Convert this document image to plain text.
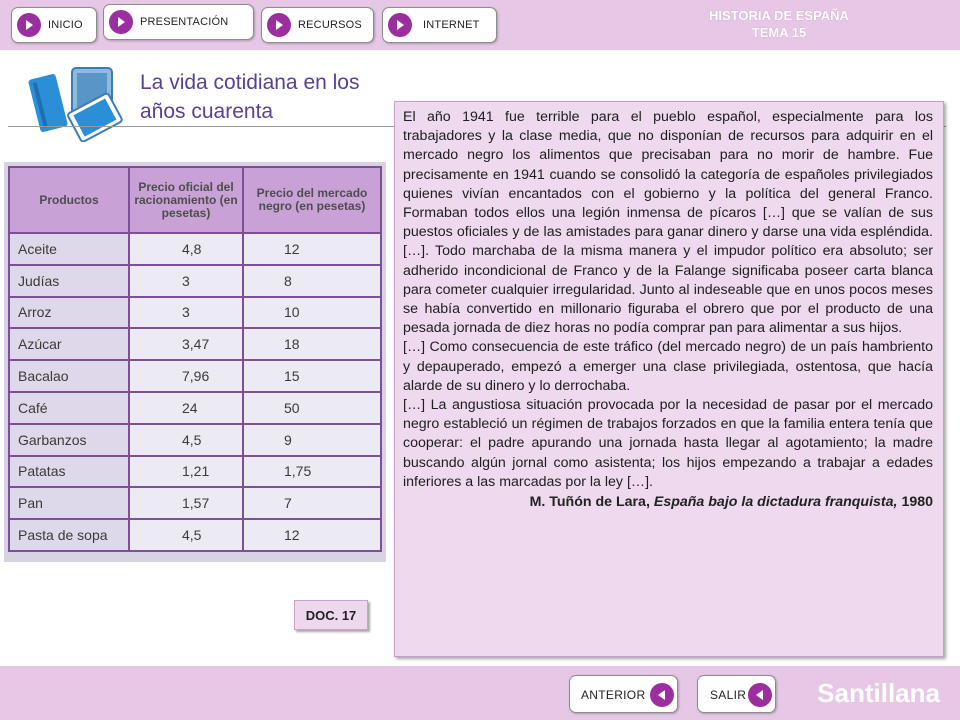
INICIO	PRESENTACIÓN	RECURSOS	INTERNET
HISTORIA DE ESPAÑA
TEMA 15
La vida cotidiana en los
años cuarenta
Productos	Precio oficial del racionamiento (en pesetas)	Precio del mercado negro (en pesetas)
Aceite	4,8	12
Judías	3	8
Arroz	3	10
Azúcar	3,47	18
Bacalao	7,96	15
Café	24	50
Garbanzos	4,5	9
Patatas	1,21	1,75
Pan	1,57	7
Pasta de sopa	4,5	12
DOC. 17

El año 1941 fue terrible para el pueblo español, especialmente para los trabajadores y la clase media, que no disponían de recursos para adquirir en el mercado negro los alimentos que precisaban para no morir de hambre. Fue precisamente en 1941 cuando se consolidó la categoría de españoles privilegiados quienes vivían encantados con el gobierno y la política del general Franco. Formaban todos ellos una legión inmensa de pícaros […] que se valían de sus puestos oficiales y de las amistades para ganar dinero y darse una vida espléndida. […]. Todo marchaba de la misma manera y el impudor político era absoluto; ser adherido incondicional de Franco y de la Falange significaba poseer carta blanca para cometer cualquier irregularidad. Junto al indeseable que en unos pocos meses se había convertido en millonario figuraba el obrero que por el producto de una pesada jornada de diez horas no podía comprar pan para alimentar a sus hijos.

[…] Como consecuencia de este tráfico (del mercado negro) de un país hambriento y depauperado, empezó a emerger una clase privilegiada, ostentosa, que hacía alarde de su dinero y lo derrochaba.

[…] La angustiosa situación provocada por la necesidad de pasar por el mercado negro estableció un régimen de trabajos forzados en que la familia entera tenía que cooperar: el padre apurando una jornada hasta llegar al agotamiento; la madre buscando algún jornal como asistenta; los hijos empezando a trabajar a edades inferiores a las marcadas por la ley […].

M. Tuñón de Lara, España bajo la dictadura franquista, 1980
ANTERIOR	SALIR	Santillana
